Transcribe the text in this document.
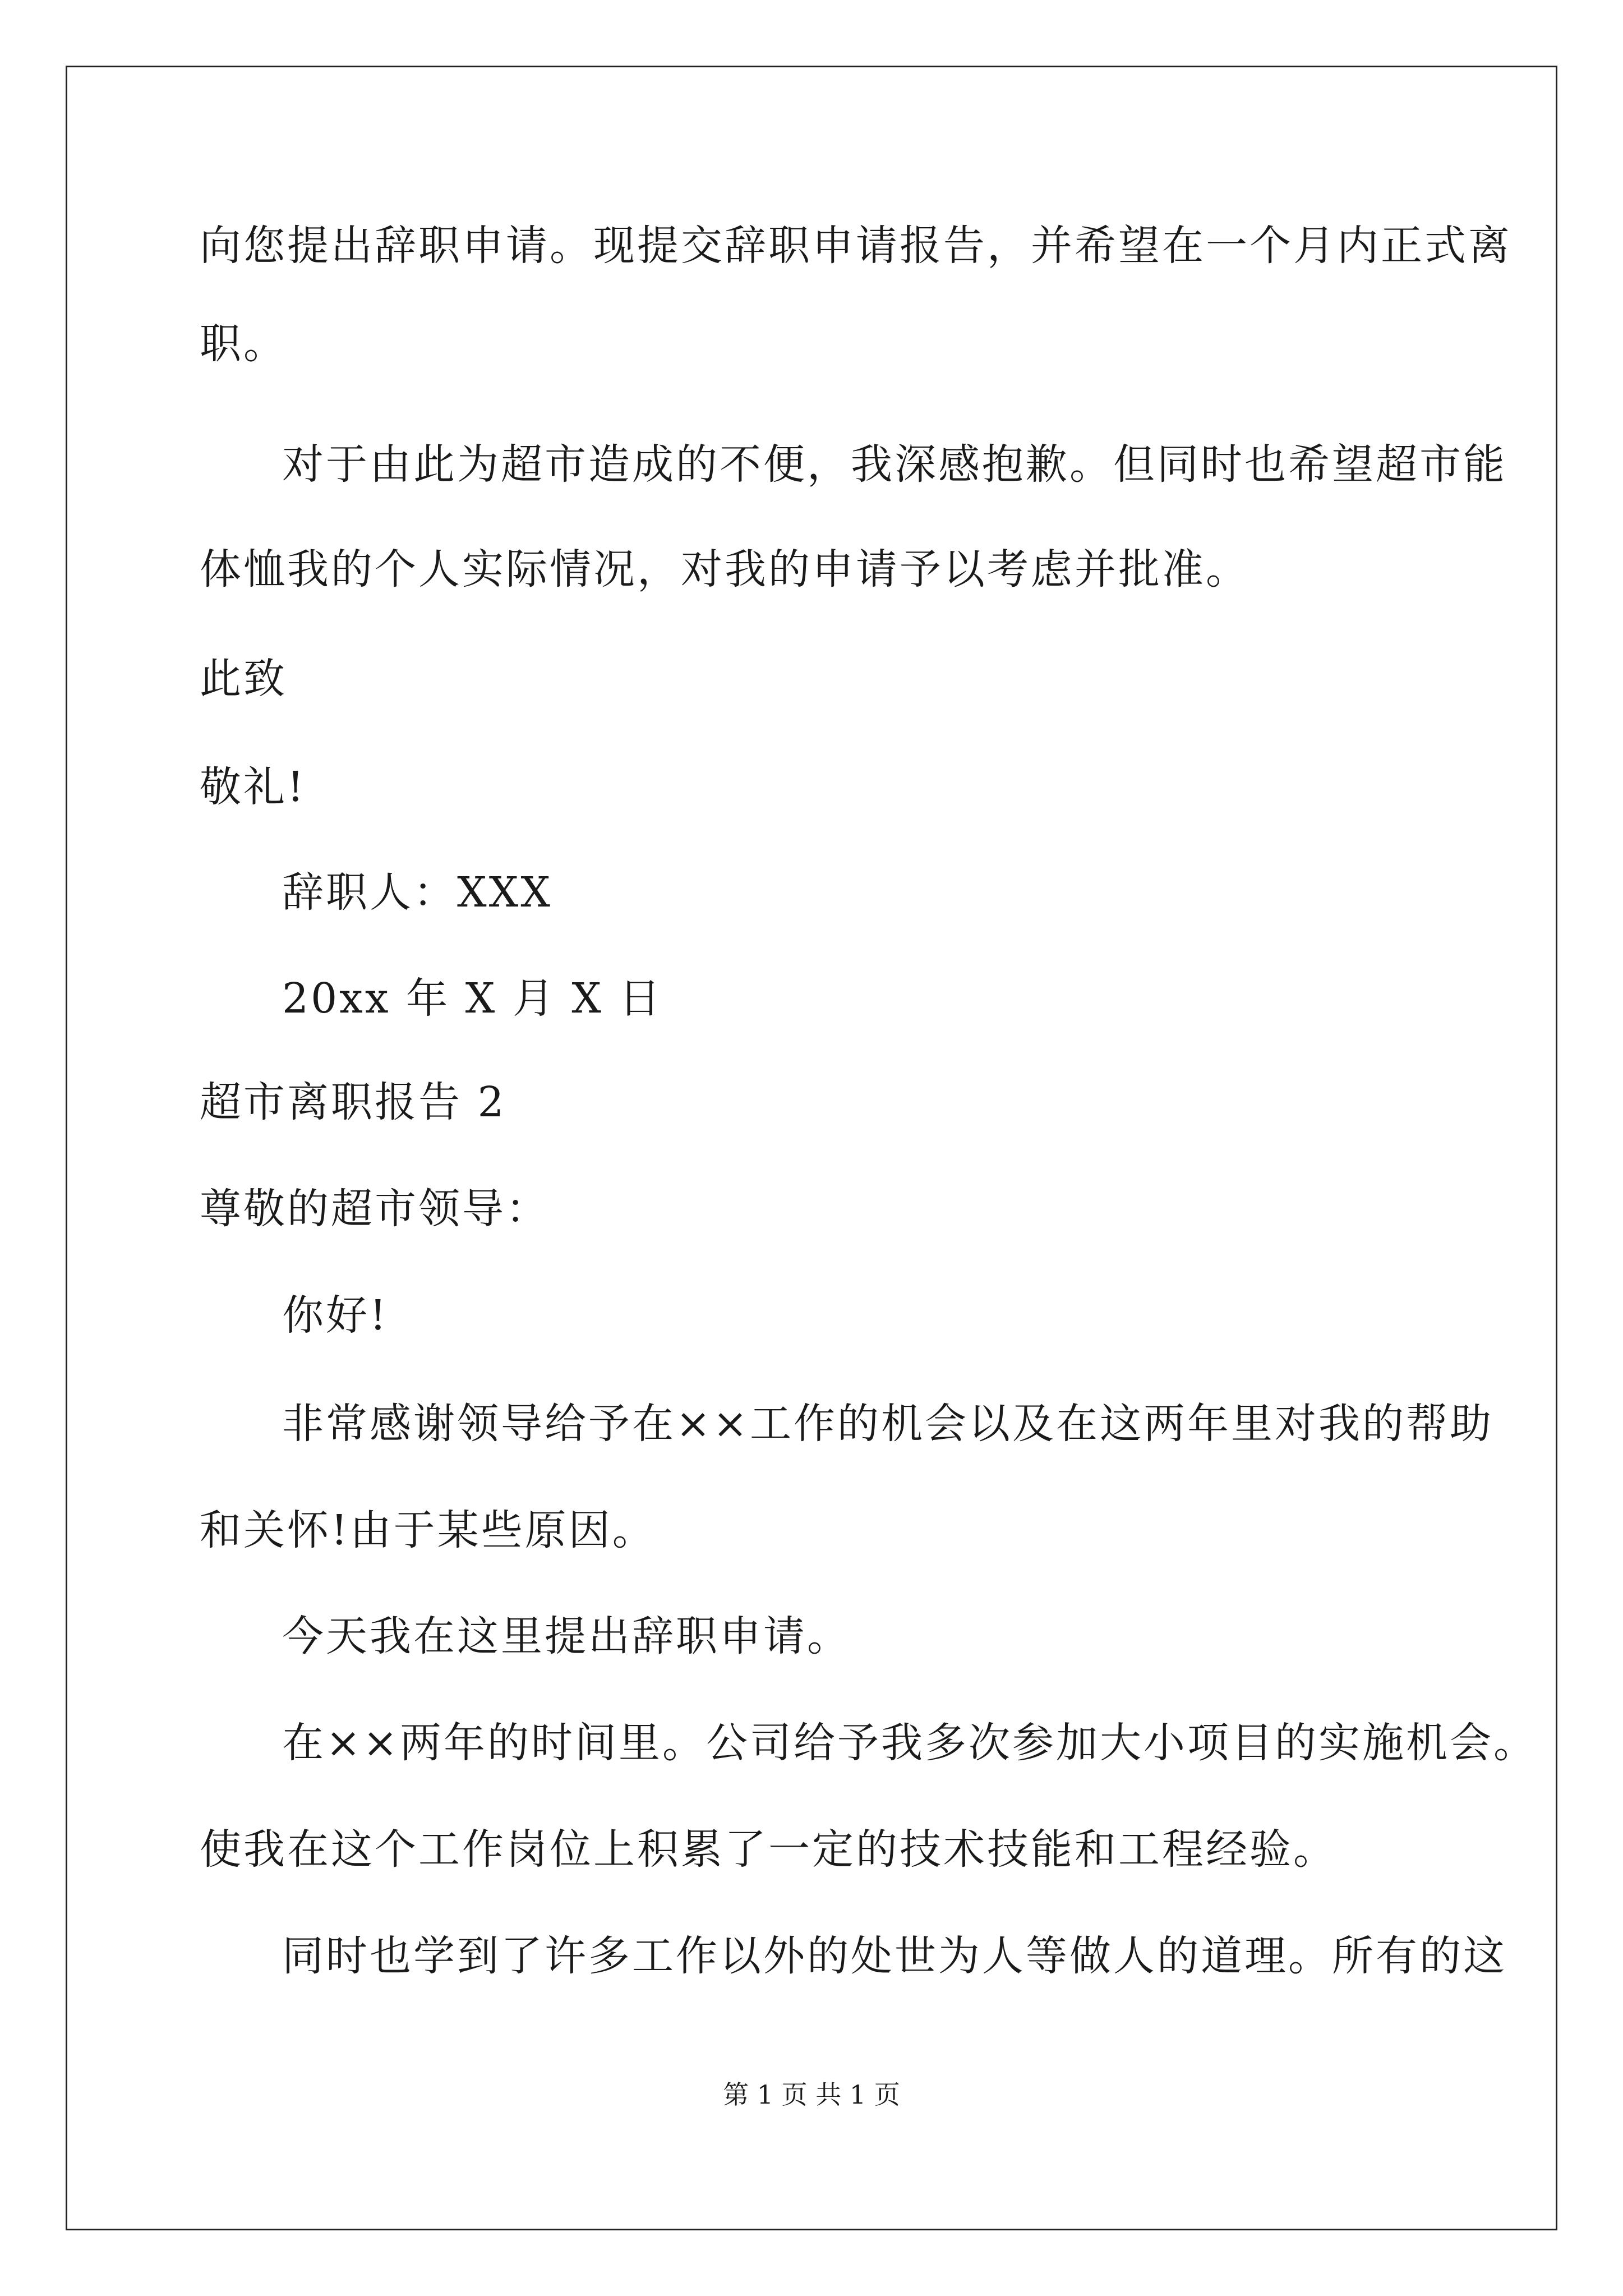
向您提出辞职申请。现提交辞职申请报告，并希望在一个月内正式离
职。
对于由此为超市造成的不便，我深感抱歉。但同时也希望超市能
体恤我的个人实际情况，对我的申请予以考虑并批准。
此致
敬礼!
辞职人：XXX
20xx 年 X 月 X 日
超市离职报告 2
尊敬的超市领导：
你好!
非常感谢领导给予在××工作的机会以及在这两年里对我的帮助
和关怀!由于某些原因。
今天我在这里提出辞职申请。
在××两年的时间里。公司给予我多次参加大小项目的实施机会。
使我在这个工作岗位上积累了一定的技术技能和工程经验。
同时也学到了许多工作以外的处世为人等做人的道理。所有的这
第 1 页 共 1 页
